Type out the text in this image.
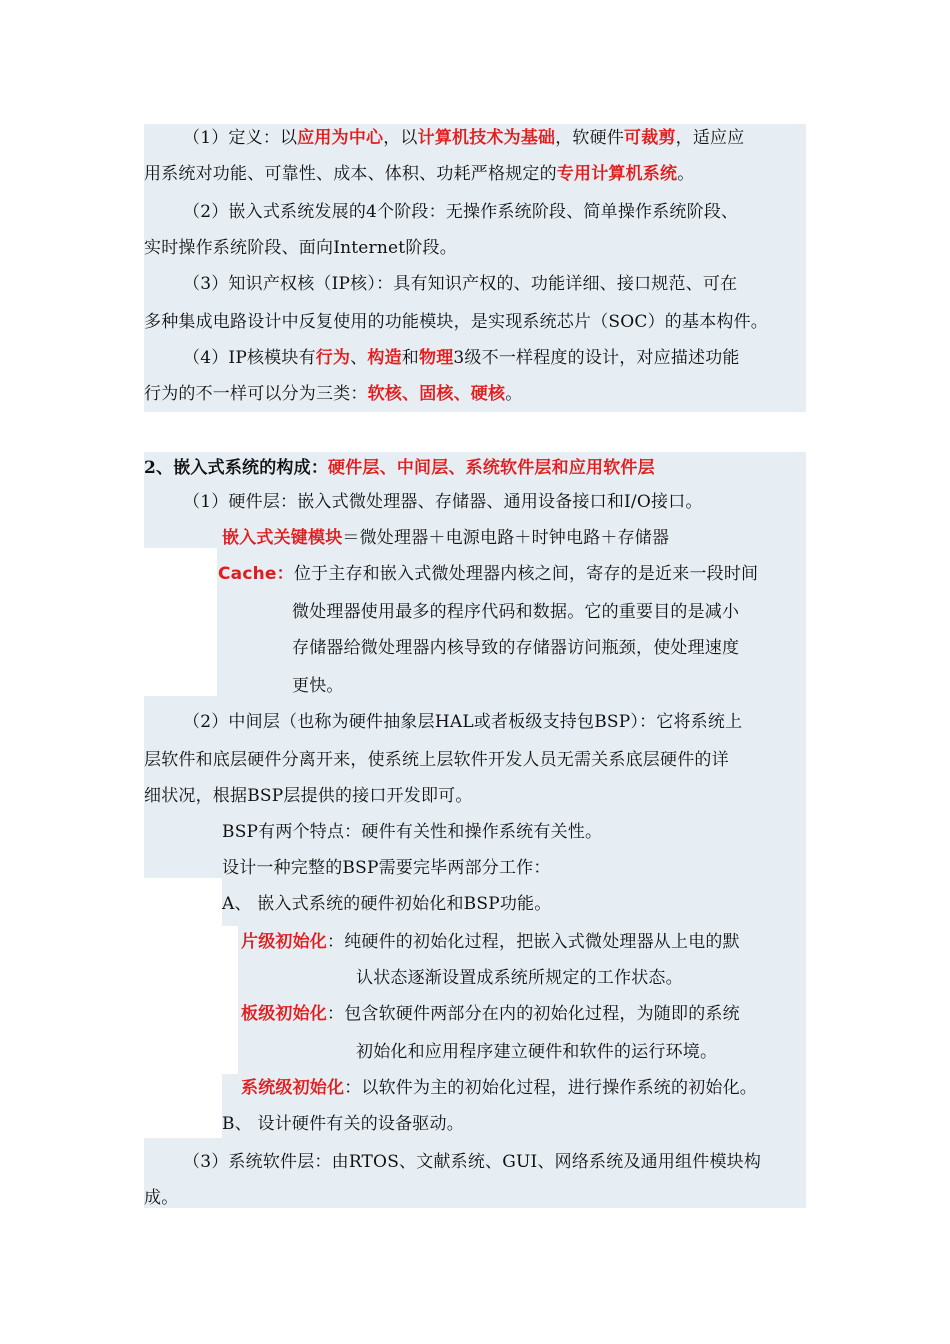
（1）定义：以应用为中心，以计算机技术为基础，软硬件可裁剪，适应应
用系统对功能、可靠性、成本、体积、功耗严格规定的专用计算机系统。
（2）嵌入式系统发展的4个阶段：无操作系统阶段、简单操作系统阶段、
实时操作系统阶段、面向Internet阶段。
（3）知识产权核（IP核）：具有知识产权的、功能详细、接口规范、可在
多种集成电路设计中反复使用的功能模块，是实现系统芯片（SOC）的基本构件。
（4）IP核模块有行为、构造和物理3级不一样程度的设计，对应描述功能
行为的不一样可以分为三类：软核、固核、硬核。
2、嵌入式系统的构成：硬件层、中间层、系统软件层和应用软件层
（1）硬件层：嵌入式微处理器、存储器、通用设备接口和I/O接口。
嵌入式关键模块＝微处理器＋电源电路＋时钟电路＋存储器
Cache：位于主存和嵌入式微处理器内核之间，寄存的是近来一段时间
微处理器使用最多的程序代码和数据。它的重要目的是减小
存储器给微处理器内核导致的存储器访问瓶颈，使处理速度
更快。
（2）中间层（也称为硬件抽象层HAL或者板级支持包BSP）：它将系统上
层软件和底层硬件分离开来，使系统上层软件开发人员无需关系底层硬件的详
细状况，根据BSP层提供的接口开发即可。
BSP有两个特点：硬件有关性和操作系统有关性。
设计一种完整的BSP需要完毕两部分工作：
A、 嵌入式系统的硬件初始化和BSP功能。
片级初始化：纯硬件的初始化过程，把嵌入式微处理器从上电的默
认状态逐渐设置成系统所规定的工作状态。
板级初始化：包含软硬件两部分在内的初始化过程，为随即的系统
初始化和应用程序建立硬件和软件的运行环境。
系统级初始化：以软件为主的初始化过程，进行操作系统的初始化。
B、 设计硬件有关的设备驱动。
（3）系统软件层：由RTOS、文献系统、GUI、网络系统及通用组件模块构
成。
